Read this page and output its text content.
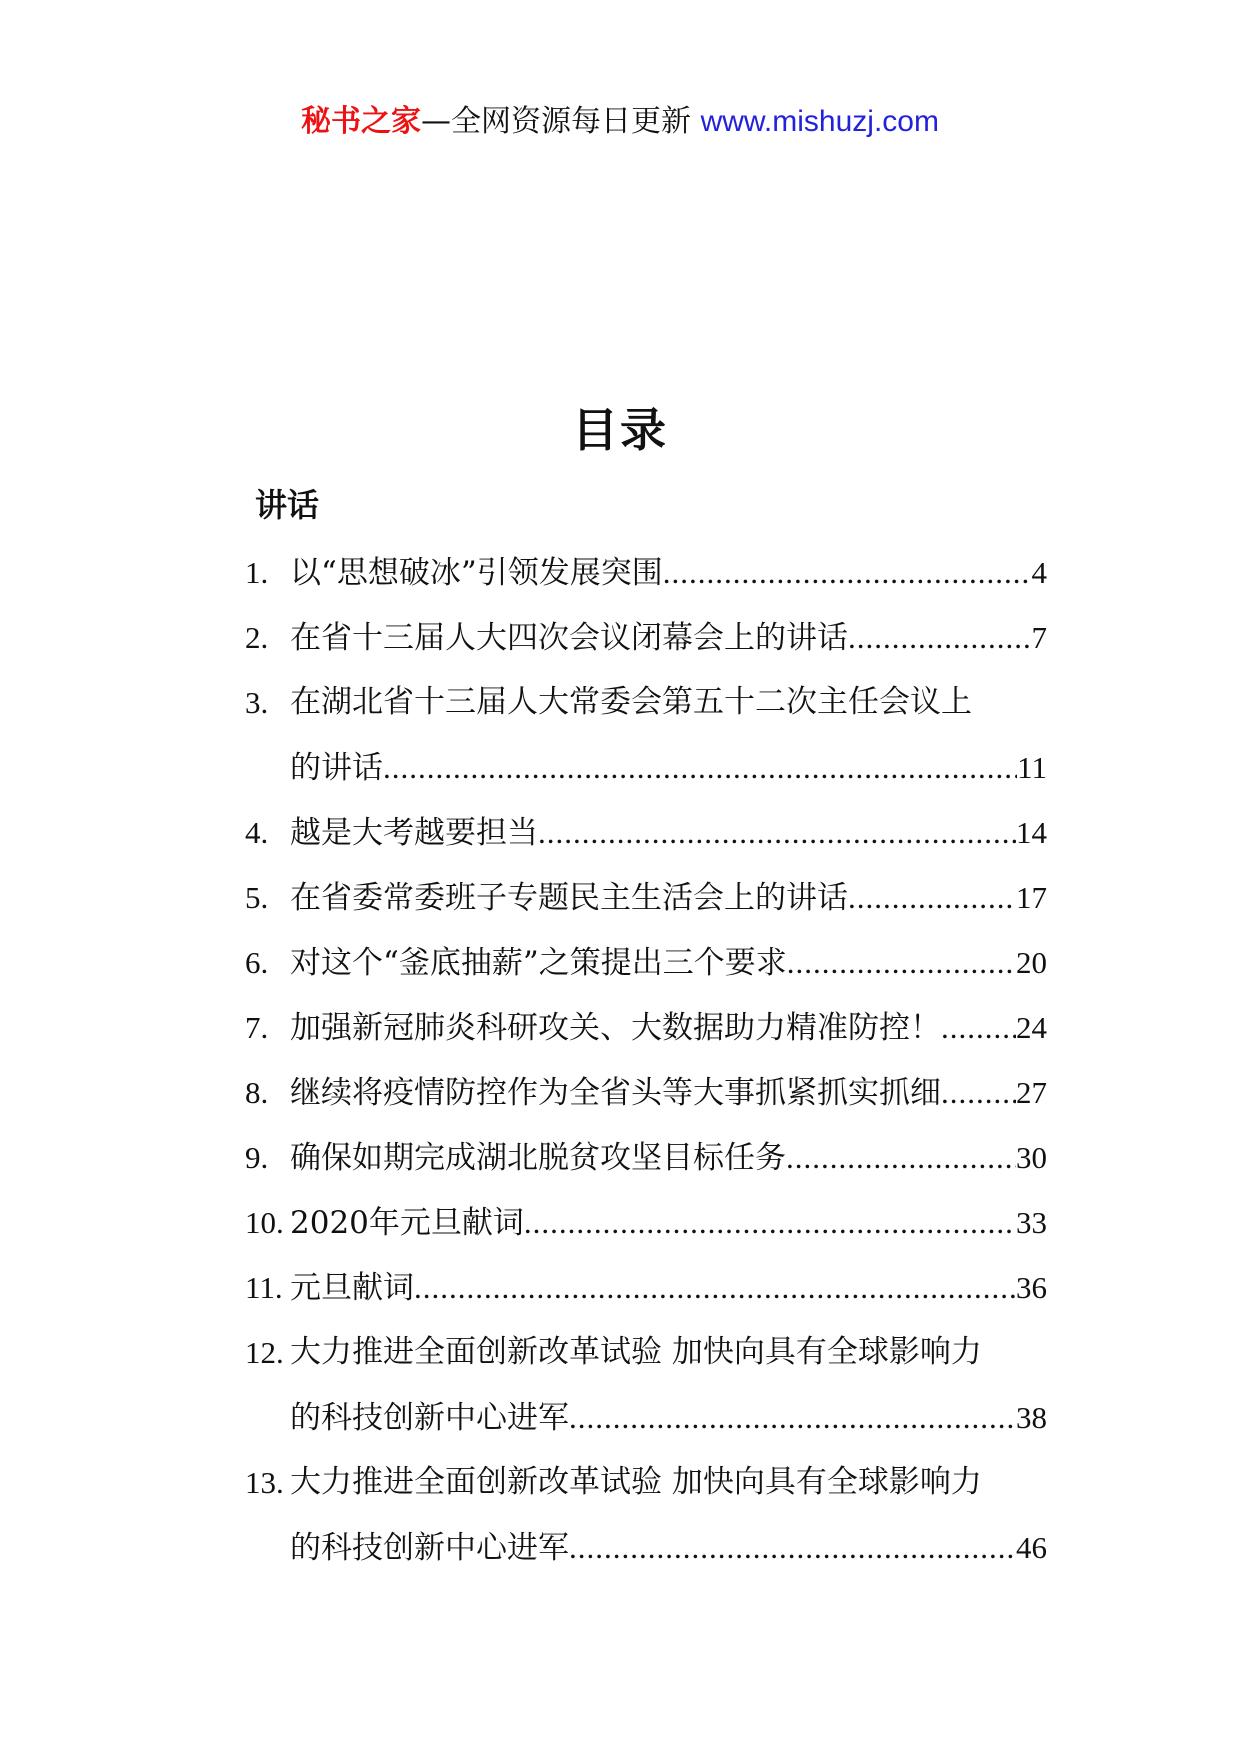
秘书之家—全网资源每日更新 www.mishuzj.com
目录
讲话
1. 以“思想破冰”引领发展突围 .....	4
2. 在省十三届人大四次会议闭幕会上的讲话 .....	7
3. 在湖北省十三届人大常委会第五十二次主任会议上
的讲话 .....	11
4. 越是大考越要担当 .....	14
5. 在省委常委班子专题民主生活会上的讲话 .....	17
6. 对这个“釜底抽薪”之策提出三个要求 .....	20
7. 加强新冠肺炎科研攻关、大数据助力精准防控！ ..... 24
8. 继续将疫情防控作为全省头等大事抓紧抓实抓细 ..... 27
9. 确保如期完成湖北脱贫攻坚目标任务 .....	30
10. 2020年元旦献词 .....	33
11. 元旦献词 .....	36
12. 大力推进全面创新改革试验 加快向具有全球影响力
的科技创新中心进军 .....	38
13. 大力推进全面创新改革试验 加快向具有全球影响力
的科技创新中心进军 .....	46
